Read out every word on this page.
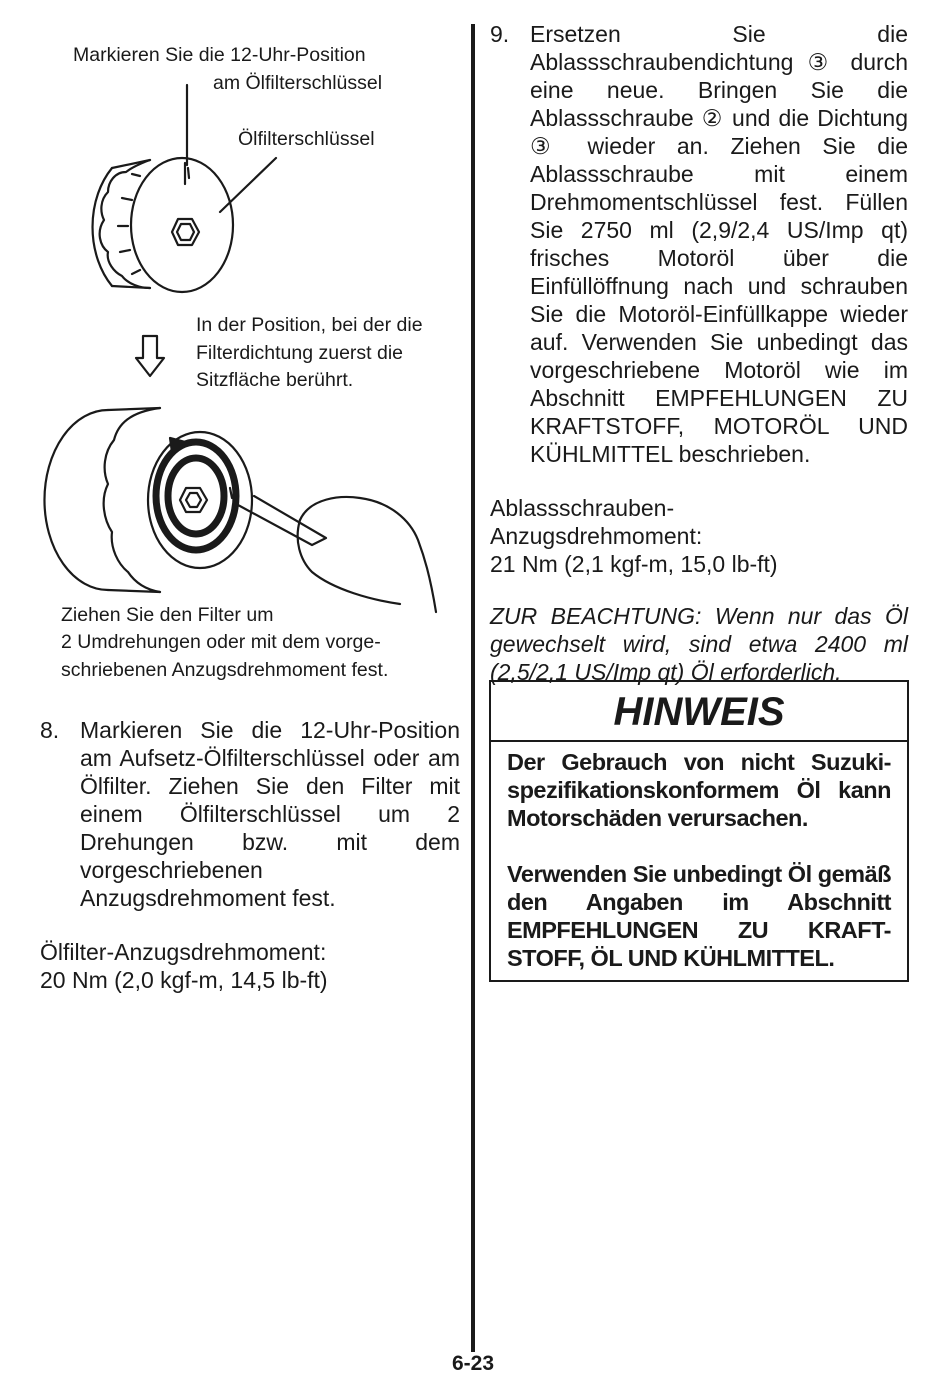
Markieren Sie die 12-Uhr-Position
am Ölfilterschlüssel
Ölfilterschlüssel
In der Position, bei der die
Filterdichtung zuerst die
Sitzfläche berührt.
Ziehen Sie den Filter um
2 Umdrehungen oder mit dem vorge-
schriebenen Anzugsdrehmoment fest.
8. Markieren Sie die 12-Uhr-Position am Aufsetz-Ölfilterschlüssel oder am Ölfilter. Ziehen Sie den Filter mit einem Ölfilterschlüssel um 2 Drehungen bzw. mit dem vorgeschriebenen Anzugsdrehmoment fest.
Ölfilter-Anzugsdrehmoment:
20 Nm (2,0 kgf-m, 14,5 lb-ft)
9. Ersetzen Sie die Ablassschraubendichtung ③ durch eine neue. Bringen Sie die Ablassschraube ② und die Dichtung ③ wieder an. Ziehen Sie die Ablassschraube mit einem Drehmomentschlüssel fest. Füllen Sie 2750 ml (2,9/2,4 US/Imp qt) frisches Motoröl über die Einfüllöffnung nach und schrauben Sie die Motoröl-Einfüllkappe wieder auf. Verwenden Sie unbedingt das vorgeschriebene Motoröl wie im Abschnitt EMPFEHLUNGEN ZU KRAFTSTOFF, MOTORÖL UND KÜHLMITTEL beschrieben.
Ablassschrauben-
Anzugsdrehmoment:
21 Nm (2,1 kgf-m, 15,0 lb-ft)
ZUR BEACHTUNG: Wenn nur das Öl gewechselt wird, sind etwa 2400 ml (2,5/2,1 US/Imp qt) Öl erforderlich.
HINWEIS

Der Gebrauch von nicht Suzuki-spezifikationskonformem Öl kann Motorschäden verursachen.

Verwenden Sie unbedingt Öl gemäß den Angaben im Abschnitt EMPFEHLUNGEN ZU KRAFT-STOFF, ÖL UND KÜHLMITTEL.

6-23
